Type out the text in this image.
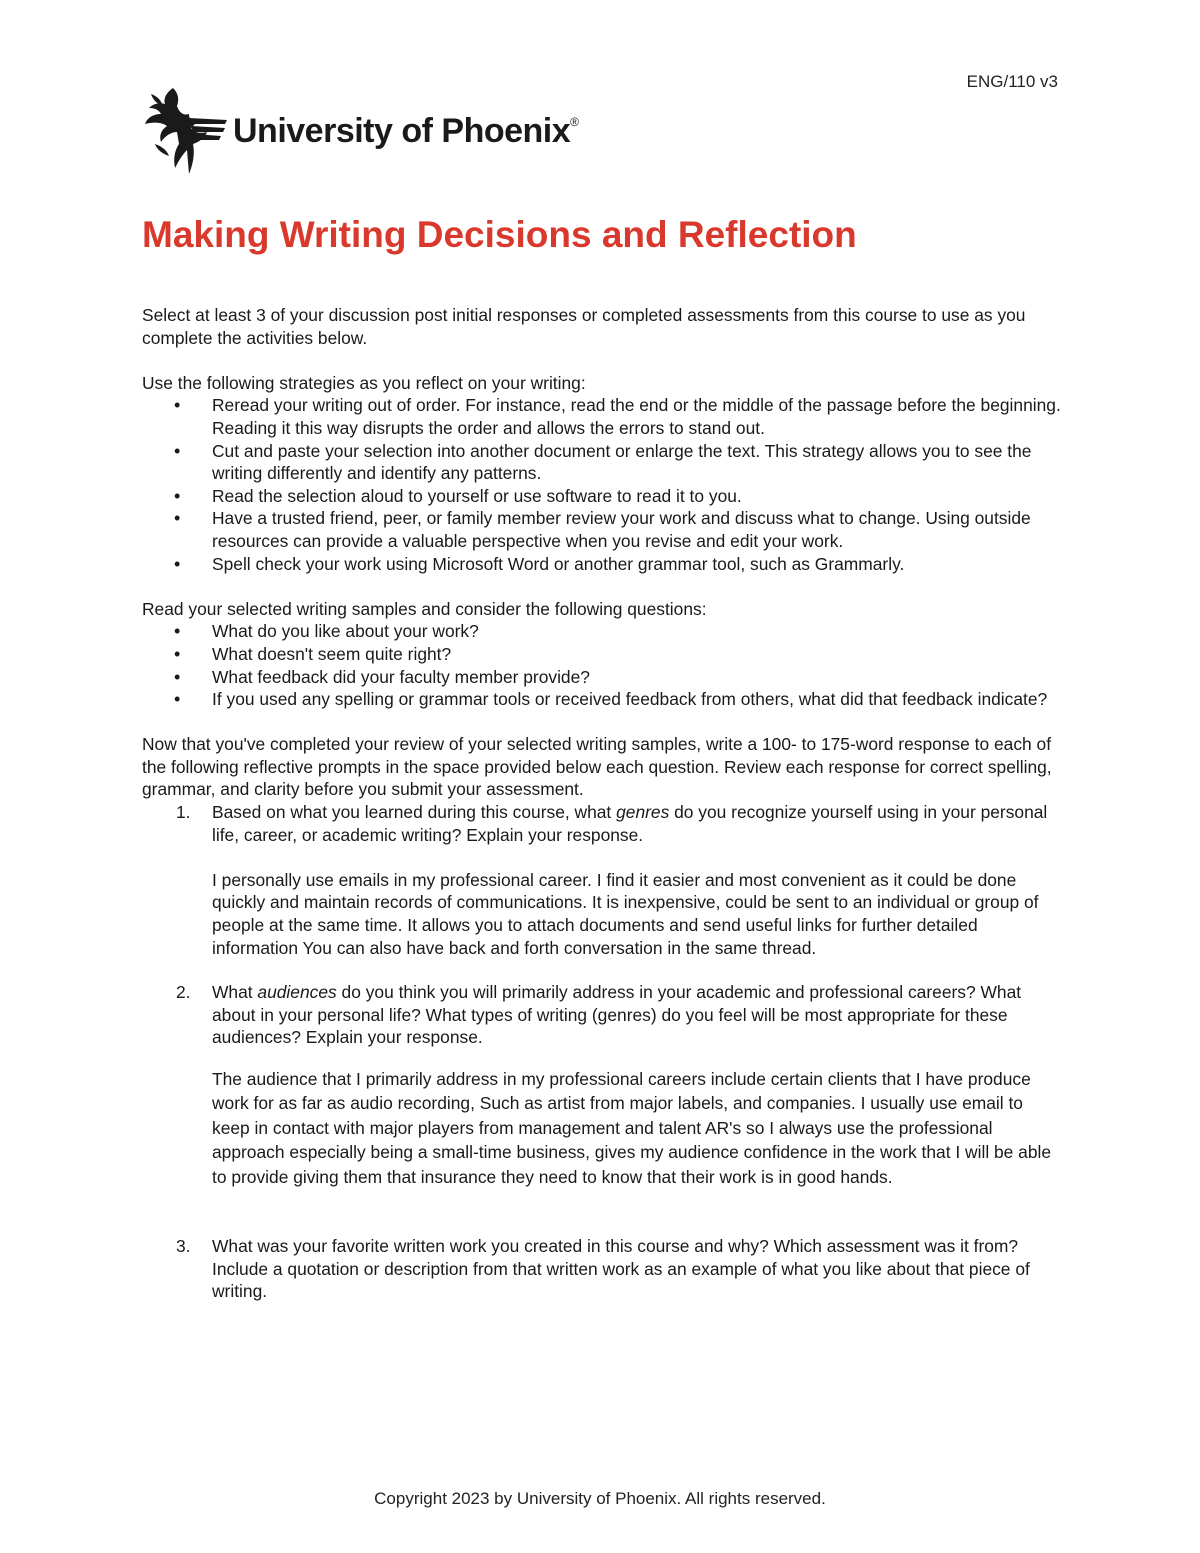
ENG/110 v3
University of Phoenix®
Making Writing Decisions and Reflection

Select at least 3 of your discussion post initial responses or completed assessments from this course to use as you complete the activities below.

Use the following strategies as you reflect on your writing:

• Reread your writing out of order. For instance, read the end or the middle of the passage before the beginning. Reading it this way disrupts the order and allows the errors to stand out.
• Cut and paste your selection into another document or enlarge the text. This strategy allows you to see the writing differently and identify any patterns.
• Read the selection aloud to yourself or use software to read it to you.
• Have a trusted friend, peer, or family member review your work and discuss what to change. Using outside resources can provide a valuable perspective when you revise and edit your work.
• Spell check your work using Microsoft Word or another grammar tool, such as Grammarly.

Read your selected writing samples and consider the following questions:

• What do you like about your work?
• What doesn't seem quite right?
• What feedback did your faculty member provide?
• If you used any spelling or grammar tools or received feedback from others, what did that feedback indicate?

Now that you've completed your review of your selected writing samples, write a 100- to 175-word response to each of the following reflective prompts in the space provided below each question. Review each response for correct spelling, grammar, and clarity before you submit your assessment.

1. Based on what you learned during this course, what genres do you recognize yourself using in your personal life, career, or academic writing? Explain your response.
I personally use emails in my professional career. I find it easier and most convenient as it could be done quickly and maintain records of communications. It is inexpensive, could be sent to an individual or group of people at the same time. It allows you to attach documents and send useful links for further detailed information You can also have back and forth conversation in the same thread.
2. What audiences do you think you will primarily address in your academic and professional careers? What about in your personal life? What types of writing (genres) do you feel will be most appropriate for these audiences? Explain your response.
The audience that I primarily address in my professional careers include certain clients that I have produce work for as far as audio recording, Such as artist from major labels, and companies. I usually use email to keep in contact with major players from management and talent AR's so I always use the professional approach especially being a small-time business, gives my audience confidence in the work that I will be able to provide giving them that insurance they need to know that their work is in good hands.
3. What was your favorite written work you created in this course and why? Which assessment was it from? Include a quotation or description from that written work as an example of what you like about that piece of writing.
Copyright 2023 by University of Phoenix. All rights reserved.
